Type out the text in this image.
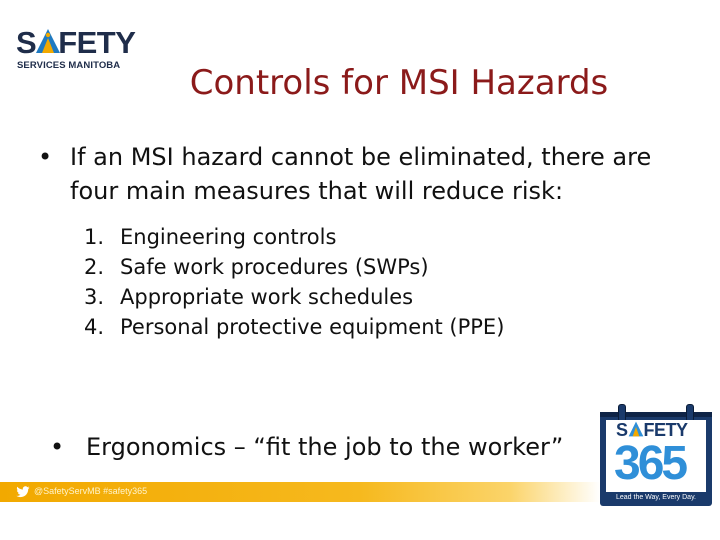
S FETY
SERVICES MANITOBA	Controls for MSI Hazards
• If an MSI hazard cannot be eliminated, there are four main measures that will reduce risk:
1. Engineering controls
2. Safe work procedures (SWPs)
3. Appropriate work schedules
4. Personal protective equipment (PPE)
• Ergonomics – “fit the job to the worker”
@SafetyServMB #safety365
S FETY
365
Lead the Way, Every Day.
